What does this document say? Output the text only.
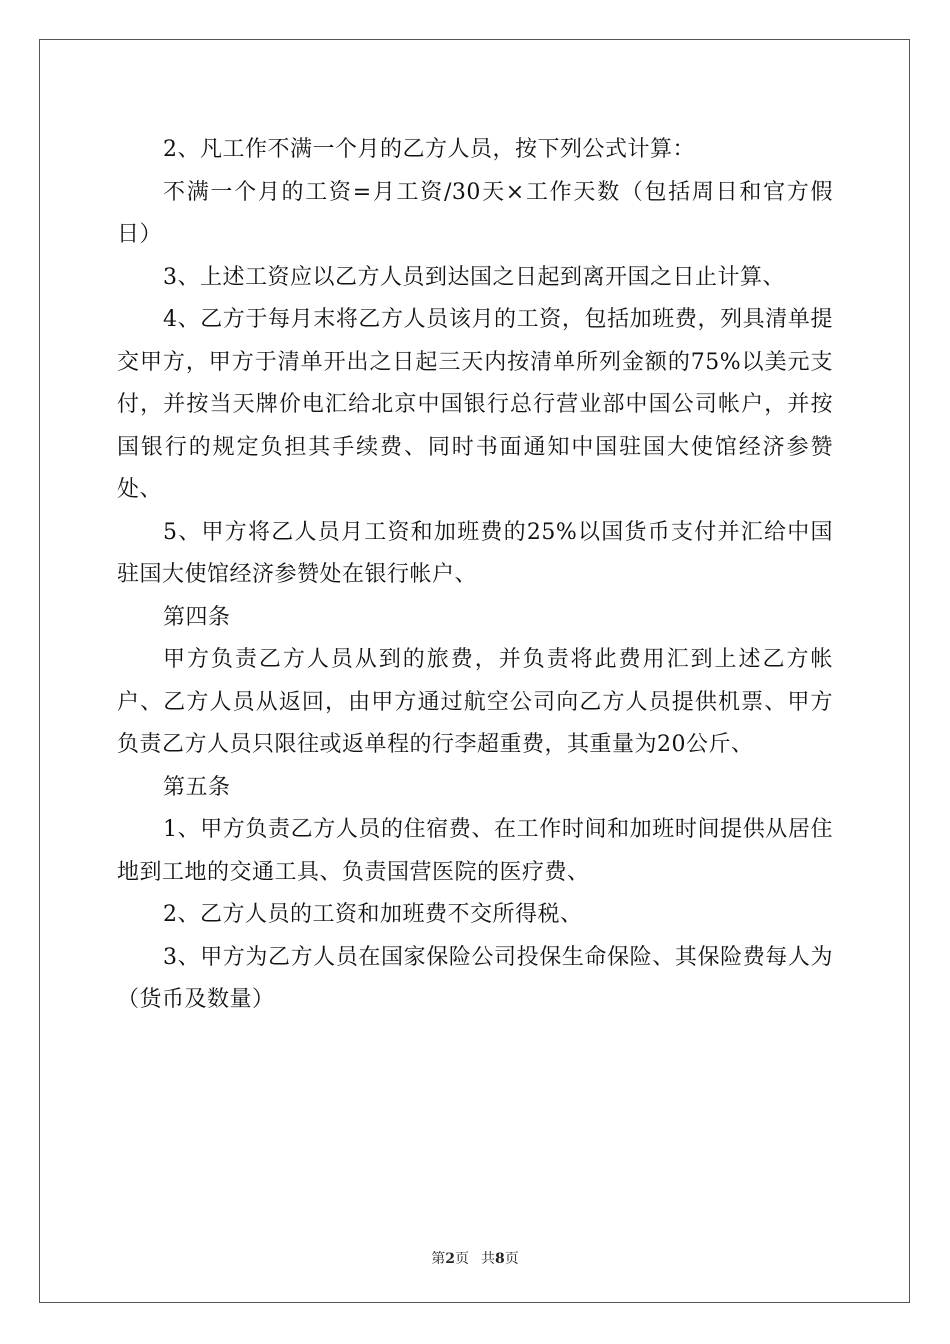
2、凡工作不满一个月的乙方人员，按下列公式计算：

不满一个月的工资=月工资/30天×工作天数（包括周日和官方假日）

3、上述工资应以乙方人员到达国之日起到离开国之日止计算、

4、乙方于每月末将乙方人员该月的工资，包括加班费，列具清单提交甲方，甲方于清单开出之日起三天内按清单所列金额的75%以美元支付，并按当天牌价电汇给北京中国银行总行营业部中国公司帐户，并按国银行的规定负担其手续费、同时书面通知中国驻国大使馆经济参赞处、

5、甲方将乙人员月工资和加班费的25%以国货币支付并汇给中国驻国大使馆经济参赞处在银行帐户、

第四条

甲方负责乙方人员从到的旅费，并负责将此费用汇到上述乙方帐户、乙方人员从返回，由甲方通过航空公司向乙方人员提供机票、甲方负责乙方人员只限往或返单程的行李超重费，其重量为20公斤、

第五条

1、甲方负责乙方人员的住宿费、在工作时间和加班时间提供从居住地到工地的交通工具、负责国营医院的医疗费、

2、乙方人员的工资和加班费不交所得税、

3、甲方为乙方人员在国家保险公司投保生命保险、其保险费每人为（货币及数量）

第2页 共8页
